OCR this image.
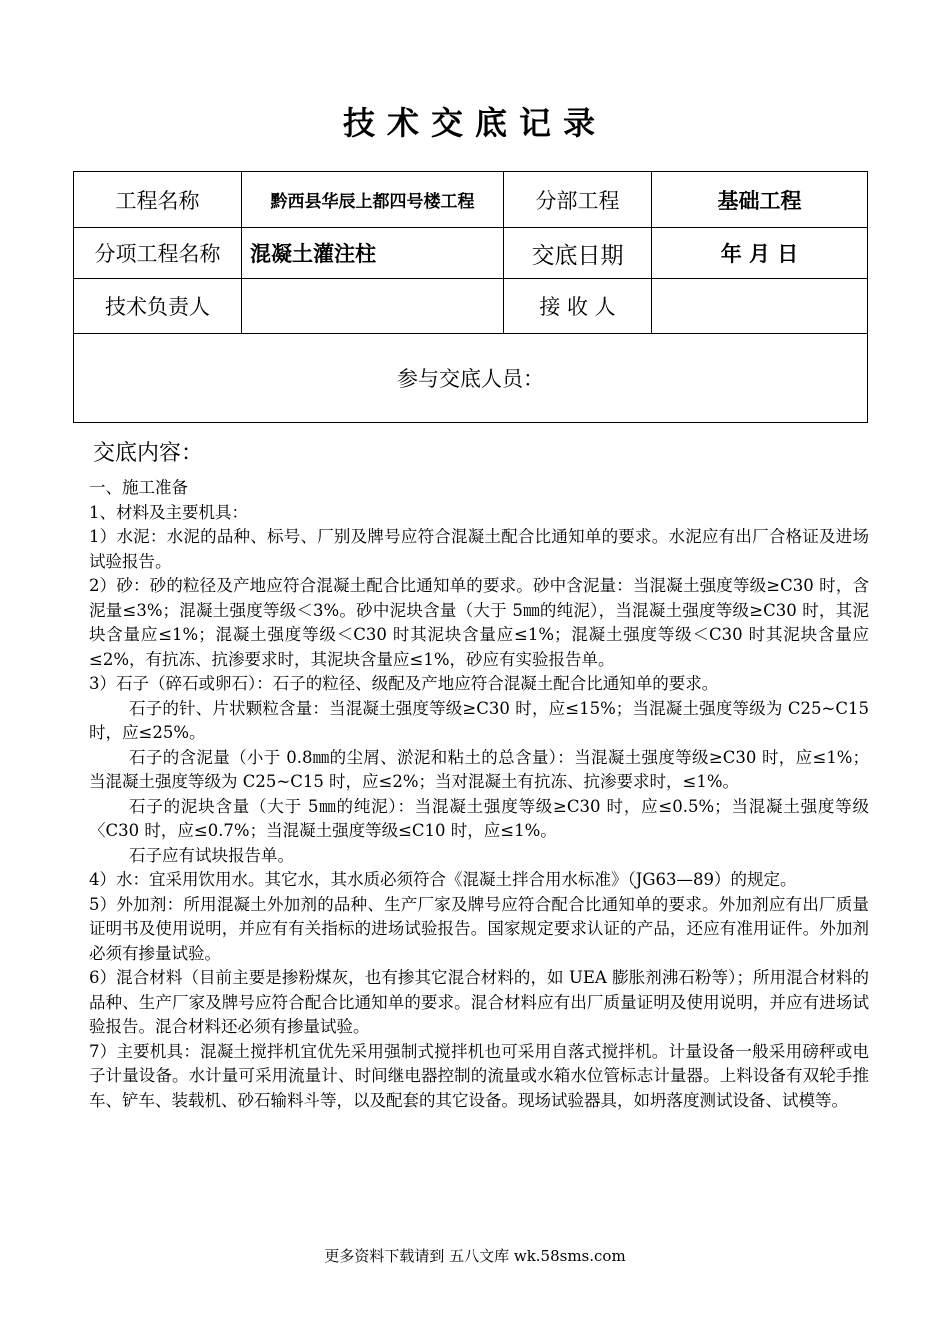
技术交底记录
工程名称	黔西县华辰上都四号楼工程	分部工程	基础工程
分项工程名称	混凝土灌注柱	交底日期	年 月 日
技术负责人		接 收 人	
参与交底人员：			
交底内容：

一、施工准备

1、材料及主要机具：

1）水泥：水泥的品种、标号、厂别及牌号应符合混凝土配合比通知单的要求。水泥应有出厂合格证及进场试验报告。

2）砂：砂的粒径及产地应符合混凝土配合比通知单的要求。砂中含泥量：当混凝土强度等级≥C30 时，含泥量≤3%；混凝土强度等级＜3%。砂中泥块含量（大于 5㎜的纯泥），当混凝土强度等级≥C30 时，其泥块含量应≤1%；混凝土强度等级＜C30 时其泥块含量应≤1%；混凝土强度等级＜C30 时其泥块含量应≤2%，有抗冻、抗渗要求时，其泥块含量应≤1%，砂应有实验报告单。

3）石子（碎石或卵石）：石子的粒径、级配及产地应符合混凝土配合比通知单的要求。

石子的针、片状颗粒含量：当混凝土强度等级≥C30 时，应≤15%；当混凝土强度等级为 C25~C15 时，应≤25%。

石子的含泥量（小于 0.8㎜的尘屑、淤泥和粘土的总含量）：当混凝土强度等级≥C30 时，应≤1%；当混凝土强度等级为 C25~C15 时，应≤2%；当对混凝土有抗冻、抗渗要求时，≤1%。

石子的泥块含量（大于 5㎜的纯泥）：当混凝土强度等级≥C30 时，应≤0.5%；当混凝土强度等级〈C30 时，应≤0.7%；当混凝土强度等级≤C10 时，应≤1%。

石子应有试块报告单。

4）水：宜采用饮用水。其它水，其水质必须符合《混凝土拌合用水标准》（JG63—89）的规定。

5）外加剂：所用混凝土外加剂的品种、生产厂家及牌号应符合配合比通知单的要求。外加剂应有出厂质量证明书及使用说明，并应有有关指标的进场试验报告。国家规定要求认证的产品，还应有准用证件。外加剂必须有掺量试验。

6）混合材料（目前主要是掺粉煤灰，也有掺其它混合材料的，如 UEA 膨胀剂沸石粉等）；所用混合材料的品种、生产厂家及牌号应符合配合比通知单的要求。混合材料应有出厂质量证明及使用说明，并应有进场试验报告。混合材料还必须有掺量试验。

7）主要机具：混凝土搅拌机宜优先采用强制式搅拌机也可采用自落式搅拌机。计量设备一般采用磅秤或电子计量设备。水计量可采用流量计、时间继电器控制的流量或水箱水位管标志计量器。上料设备有双轮手推车、铲车、装载机、砂石输料斗等，以及配套的其它设备。现场试验器具，如坍落度测试设备、试模等。

更多资料下载请到 五八文库 wk.58sms.com
